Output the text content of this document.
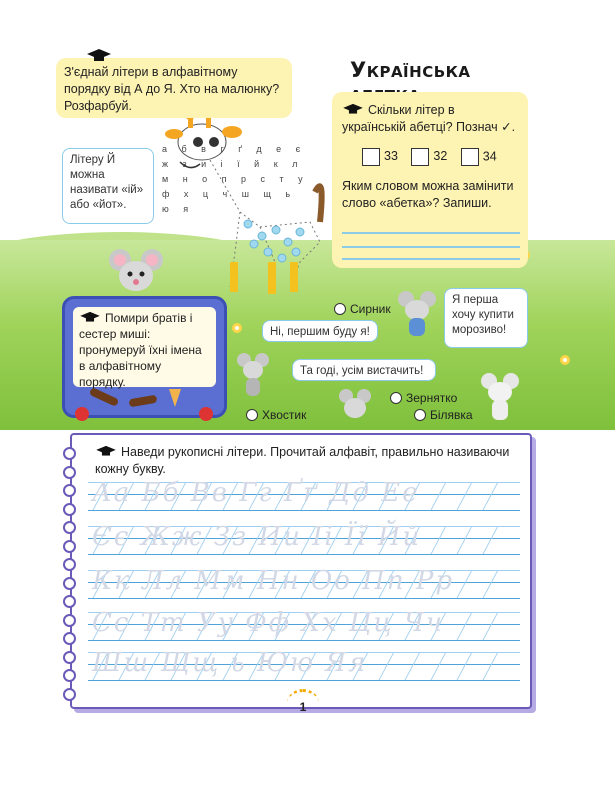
а б в г ґ д е є ж з и і ї й к л м н о п р с т у ф х ц ч ш щ ь ю я
Українська
З'єднай літери в алфавітному порядку від А до Я. Хто на малюнку? Розфарбуй.
Літеру Й можна називати «ій» або «йот».
Скільки літер в українській абетці? Познач ✓.
33	32	34
Яким словом можна замінити слово «абетка»? Запиши.
Помири братів і сестер миші: пронумеруй їхні імена в алфавітному порядку.
Ні, першим буду я!
Та годі, усім вистачить!
Я перша хочу купити морозиво!
Сирник
Зернятко
Хвостик	Білявка
Наведи рукописні літери. Прочитай алфавіт, правильно називаючи кожну букву.
Аа Бб Вв Гг Ґґ Дд Ее
Єє Жж Зз Ии Іі Її Йй
Кк Лл Мм Нн Оо Пп Рр
Сс Тт Уу Фф Хх Цц Чч
Шш Щщ ь Юю Яя
1
